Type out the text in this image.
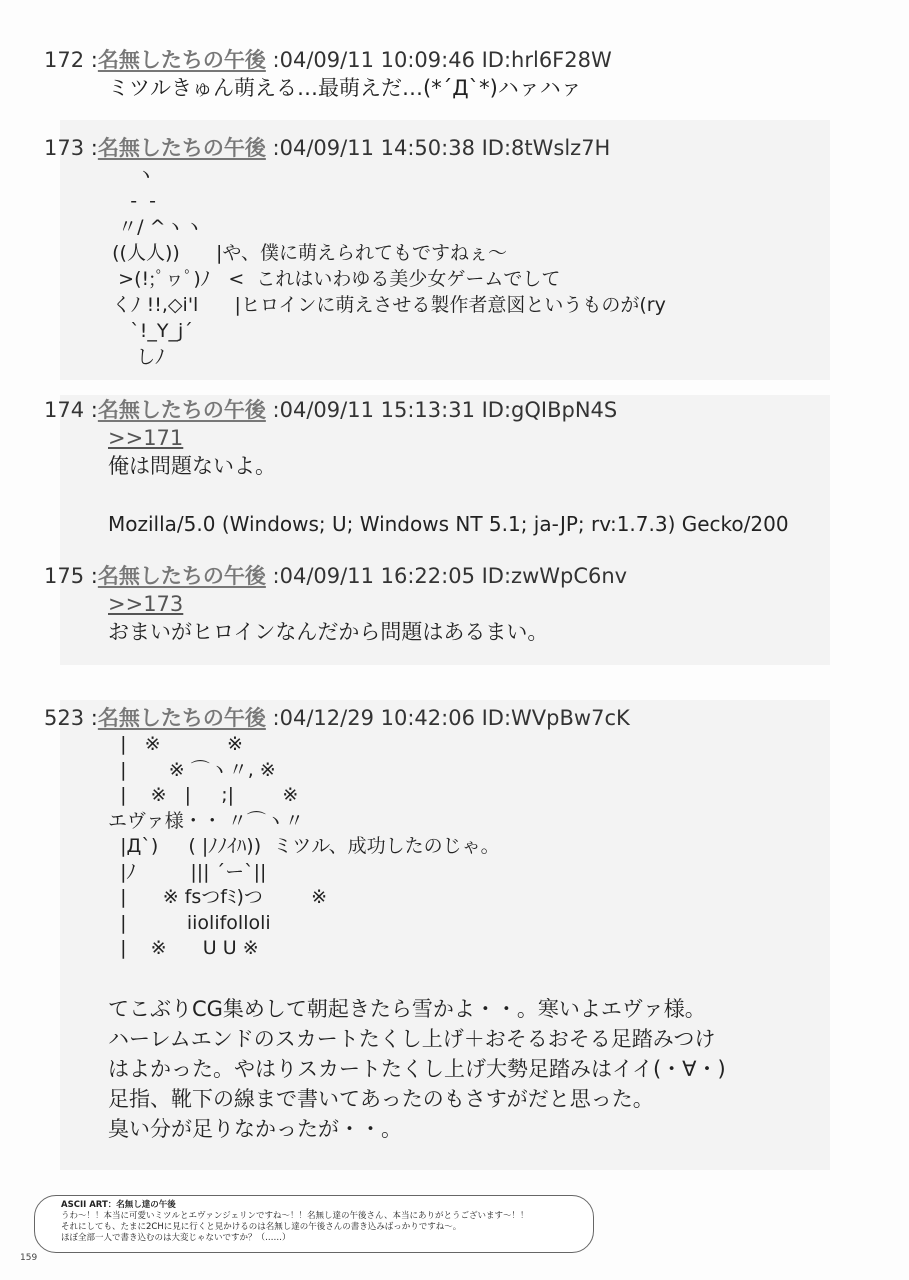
172 :名無したちの午後 :04/09/11 10:09:46 ID:hrl6F28W
ミツルきゅん萌える…最萌えだ…(*´Д`*)ハァハァ
173 :名無したちの午後 :04/09/11 14:50:38 ID:8tWslz7H
ヽ
-  -
〃/ ^ヽヽ
((人人))      |や、僕に萌えられてもですねぇ～
>(!;ﾟヮﾟ)ﾉ   <  これはいわゆる美少女ゲームでして
くﾉ !!,◇i'l      |ヒロインに萌えさせる製作者意図というものが(ry
`!_Y_j´
しﾉ
174 :名無したちの午後 :04/09/11 15:13:31 ID:gQIBpN4S
>>171
俺は問題ないよ。
Mozilla/5.0 (Windows; U; Windows NT 5.1; ja-JP; rv:1.7.3) Gecko/200
175 :名無したちの午後 :04/09/11 16:22:05 ID:zwWpC6nv
>>173
おまいがヒロインなんだから問題はあるまい。
523 :名無したちの午後 :04/12/29 10:42:06 ID:WVpBw7cK
|   ※           ※
|       ※ ⌒ヽ〃, ※
|    ※   |     ;|        ※
エヴァ様・・ 〃⌒ヽ〃
|Д`)     ( |ﾉﾉｲﾊ))  ミツル、成功したのじゃ。
|ﾉ         ||| ´ー`||
|      ※ fsつfﾐ)つ        ※
|          iiolifolloli
|    ※      U U ※
てこぶりCG集めして朝起きたら雪かよ・・。寒いよエヴァ様。
ハーレムエンドのスカートたくし上げ＋おそるおそる足踏みつけ
はよかった。やはりスカートたくし上げ大勢足踏みはイイ(・∀・)
足指、靴下の線まで書いてあったのもさすがだと思った。
臭い分が足りなかったが・・。
ASCII ART：名無し達の午後
うわ～！！本当に可愛いミツルとエヴァンジェリンですね～！！名無し達の午後さん、本当にありがとうございます～！！
それにしても、たまに2CHに見に行くと見かけるのは名無し達の午後さんの書き込みばっかりですね～。
ほぼ全部一人で書き込むのは大変じゃないですか？（……）
159
